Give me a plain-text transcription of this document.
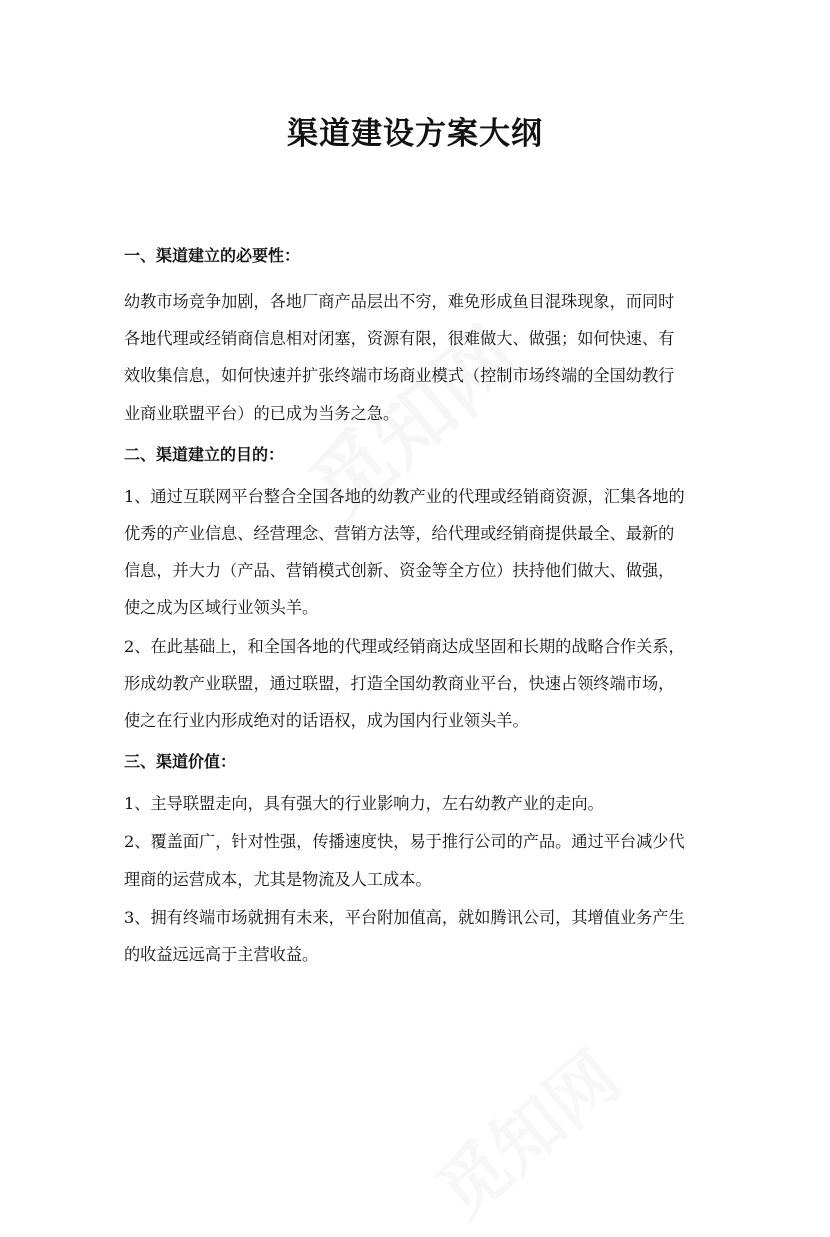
渠道建设方案大纲
一、渠道建立的必要性：

幼教市场竞争加剧，各地厂商产品层出不穷，难免形成鱼目混珠现象，而同时
各地代理或经销商信息相对闭塞，资源有限，很难做大、做强；如何快速、有
效收集信息，如何快速并扩张终端市场商业模式（控制市场终端的全国幼教行
业商业联盟平台）的已成为当务之急。

二、渠道建立的目的：

1、通过互联网平台整合全国各地的幼教产业的代理或经销商资源，汇集各地的
优秀的产业信息、经营理念、营销方法等，给代理或经销商提供最全、最新的
信息，并大力（产品、营销模式创新、资金等全方位）扶持他们做大、做强，
使之成为区域行业领头羊。

2、在此基础上，和全国各地的代理或经销商达成坚固和长期的战略合作关系，
形成幼教产业联盟，通过联盟，打造全国幼教商业平台，快速占领终端市场，
使之在行业内形成绝对的话语权，成为国内行业领头羊。

三、渠道价值：

1、主导联盟走向，具有强大的行业影响力，左右幼教产业的走向。

2、覆盖面广，针对性强，传播速度快，易于推行公司的产品。通过平台减少代
理商的运营成本，尤其是物流及人工成本。

3、拥有终端市场就拥有未来，平台附加值高，就如腾讯公司，其增值业务产生
的收益远远高于主营收益。
